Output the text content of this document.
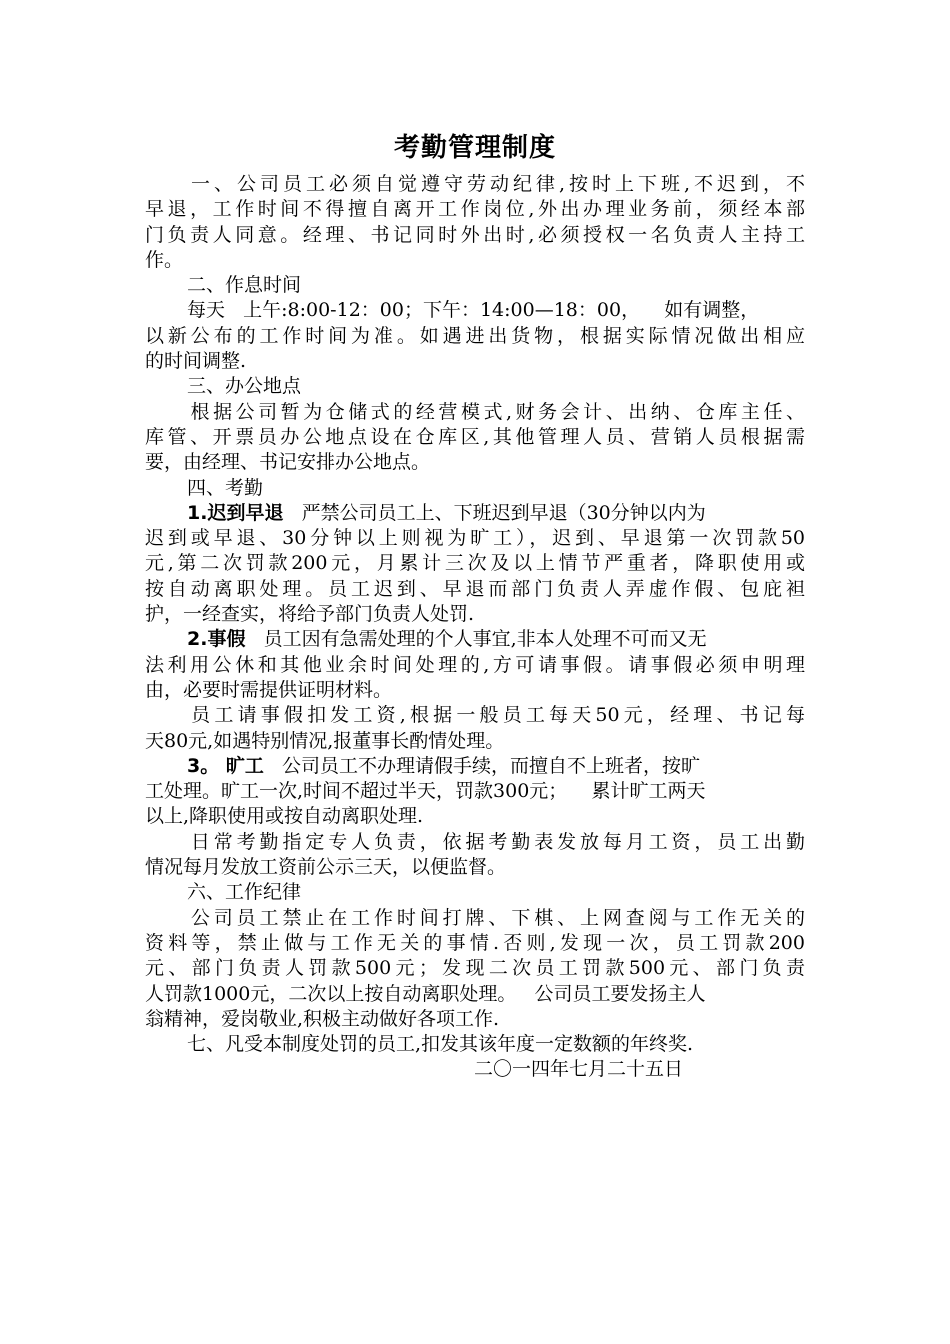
考勤管理制度
一、公司员工必须自觉遵守劳动纪律,按时上下班,不迟到，不
早退，工作时间不得擅自离开工作岗位,外出办理业务前，须经本部
门负责人同意。经理、书记同时外出时,必须授权一名负责人主持工
作。
二、作息时间
每天   上午:8:00-12：00；下午：14:00—18：00，    如有调整，
以新公布的工作时间为准。如遇进出货物，根据实际情况做出相应
的时间调整.
三、办公地点
根据公司暂为仓储式的经营模式,财务会计、出纳、仓库主任、
库管、开票员办公地点设在仓库区,其他管理人员、营销人员根据需
要，由经理、书记安排办公地点。
四、考勤
1.迟到早退   严禁公司员工上、下班迟到早退（30分钟以内为
迟到或早退、30分钟以上则视为旷工），迟到、早退第一次罚款50
元,第二次罚款200元，月累计三次及以上情节严重者，降职使用或
按自动离职处理。员工迟到、早退而部门负责人弄虚作假、包庇袒
护，一经查实，将给予部门负责人处罚.
2.事假   员工因有急需处理的个人事宜,非本人处理不可而又无
法利用公休和其他业余时间处理的,方可请事假。请事假必须申明理
由，必要时需提供证明材料。
员工请事假扣发工资,根据一般员工每天50元，经理、书记每
天80元,如遇特别情况,报董事长酌情处理。
3。 旷工   公司员工不办理请假手续，而擅自不上班者，按旷
工处理。旷工一次,时间不超过半天，罚款300元；    累计旷工两天
以上,降职使用或按自动离职处理.
日常考勤指定专人负责，依据考勤表发放每月工资，员工出勤
情况每月发放工资前公示三天，以便监督。
六、工作纪律
公司员工禁止在工作时间打牌、下棋、上网查阅与工作无关的
资料等，禁止做与工作无关的事情.否则,发现一次，员工罚款200
元、部门负责人罚款500元；发现二次员工罚款500元、部门负责
人罚款1000元，二次以上按自动离职处理。   公司员工要发扬主人
翁精神，爱岗敬业,积极主动做好各项工作.
七、凡受本制度处罚的员工,扣发其该年度一定数额的年终奖.
二〇一四年七月二十五日
